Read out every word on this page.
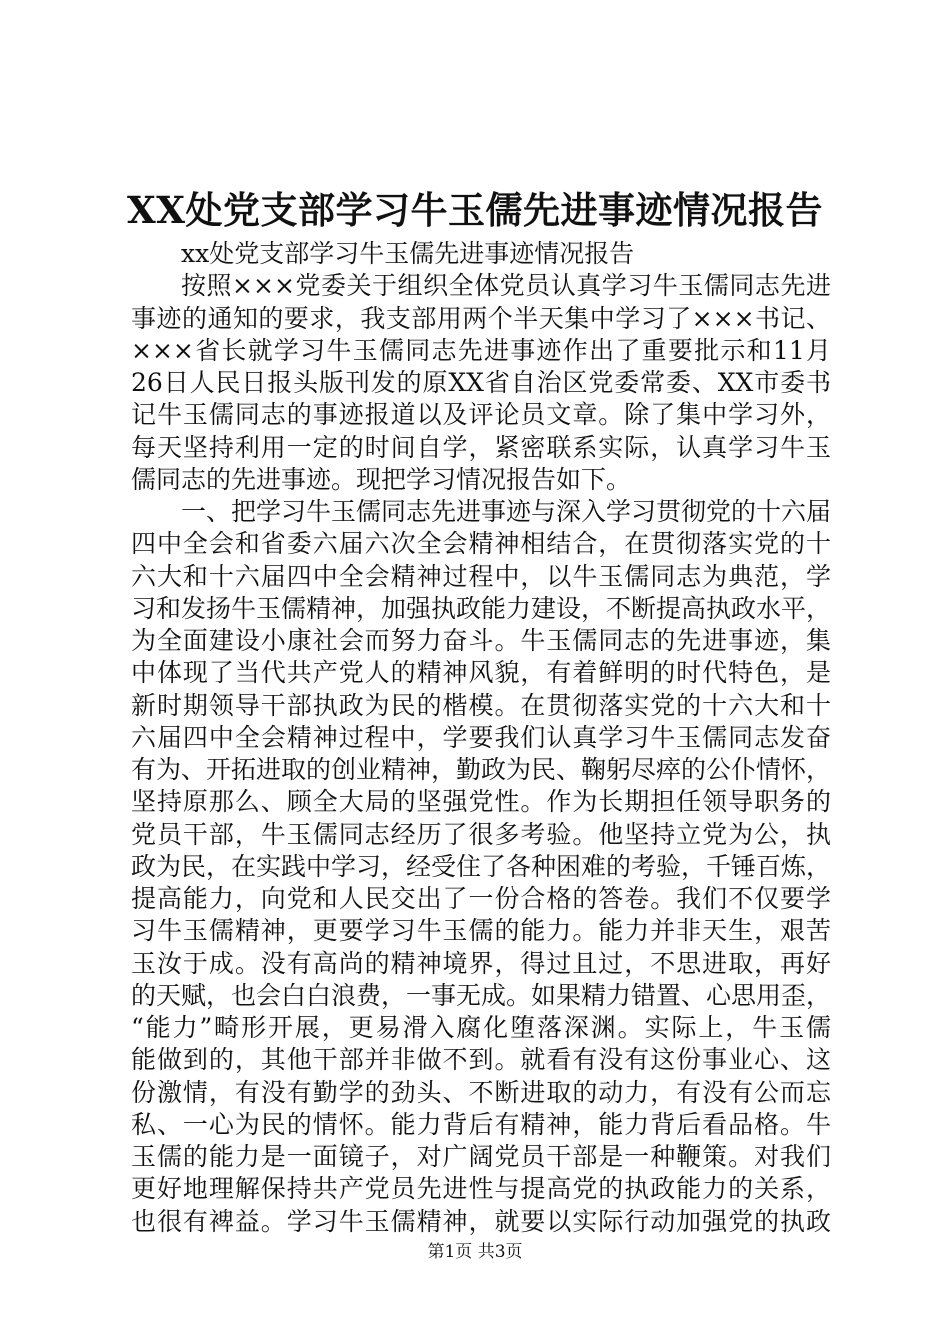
XX处党支部学习牛玉儒先进事迹情况报告
xx处党支部学习牛玉儒先进事迹情况报告
按照×××党委关于组织全体党员认真学习牛玉儒同志先进
事迹的通知的要求，我支部用两个半天集中学习了×××书记、
×××省长就学习牛玉儒同志先进事迹作出了重要批示和11月
26日人民日报头版刊发的原XX省自治区党委常委、XX市委书
记牛玉儒同志的事迹报道以及评论员文章。除了集中学习外，
每天坚持利用一定的时间自学，紧密联系实际，认真学习牛玉
儒同志的先进事迹。现把学习情况报告如下。
一、把学习牛玉儒同志先进事迹与深入学习贯彻党的十六届
四中全会和省委六届六次全会精神相结合，在贯彻落实党的十
六大和十六届四中全会精神过程中，以牛玉儒同志为典范，学
习和发扬牛玉儒精神，加强执政能力建设，不断提高执政水平，
为全面建设小康社会而努力奋斗。牛玉儒同志的先进事迹，集
中体现了当代共产党人的精神风貌，有着鲜明的时代特色，是
新时期领导干部执政为民的楷模。在贯彻落实党的十六大和十
六届四中全会精神过程中，学要我们认真学习牛玉儒同志发奋
有为、开拓进取的创业精神，勤政为民、鞠躬尽瘁的公仆情怀，
坚持原那么、顾全大局的坚强党性。作为长期担任领导职务的
党员干部，牛玉儒同志经历了很多考验。他坚持立党为公，执
政为民，在实践中学习，经受住了各种困难的考验，千锤百炼，
提高能力，向党和人民交出了一份合格的答卷。我们不仅要学
习牛玉儒精神，更要学习牛玉儒的能力。能力并非天生，艰苦
玉汝于成。没有高尚的精神境界，得过且过，不思进取，再好
的天赋，也会白白浪费，一事无成。如果精力错置、心思用歪，
“能力”畸形开展，更易滑入腐化堕落深渊。实际上，牛玉儒
能做到的，其他干部并非做不到。就看有没有这份事业心、这
份激情，有没有勤学的劲头、不断进取的动力，有没有公而忘
私、一心为民的情怀。能力背后有精神，能力背后看品格。牛
玉儒的能力是一面镜子，对广阔党员干部是一种鞭策。对我们
更好地理解保持共产党员先进性与提高党的执政能力的关系，
也很有裨益。学习牛玉儒精神，就要以实际行动加强党的执政
第1页 共3页
